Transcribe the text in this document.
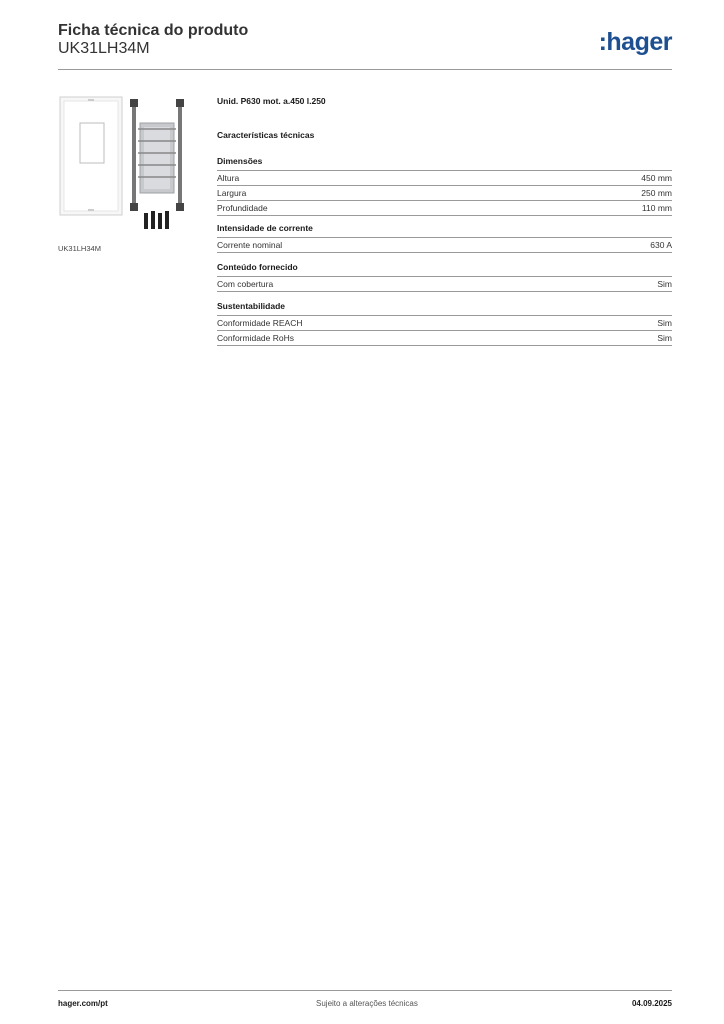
Ficha técnica do produto
UK31LH34M	:hager
UK31LH34M
Unid. P630 mot. a.450 l.250
Características técnicas
Dimensões
Altura	450 mm
Largura	250 mm
Profundidade	110 mm
Intensidade de corrente
Corrente nominal	630 A
Conteúdo fornecido
Com cobertura	Sim
Sustentabilidade
Conformidade REACH	Sim
Conformidade RoHs	Sim
hager.com/pt	Sujeito a alterações técnicas	04.09.2025
